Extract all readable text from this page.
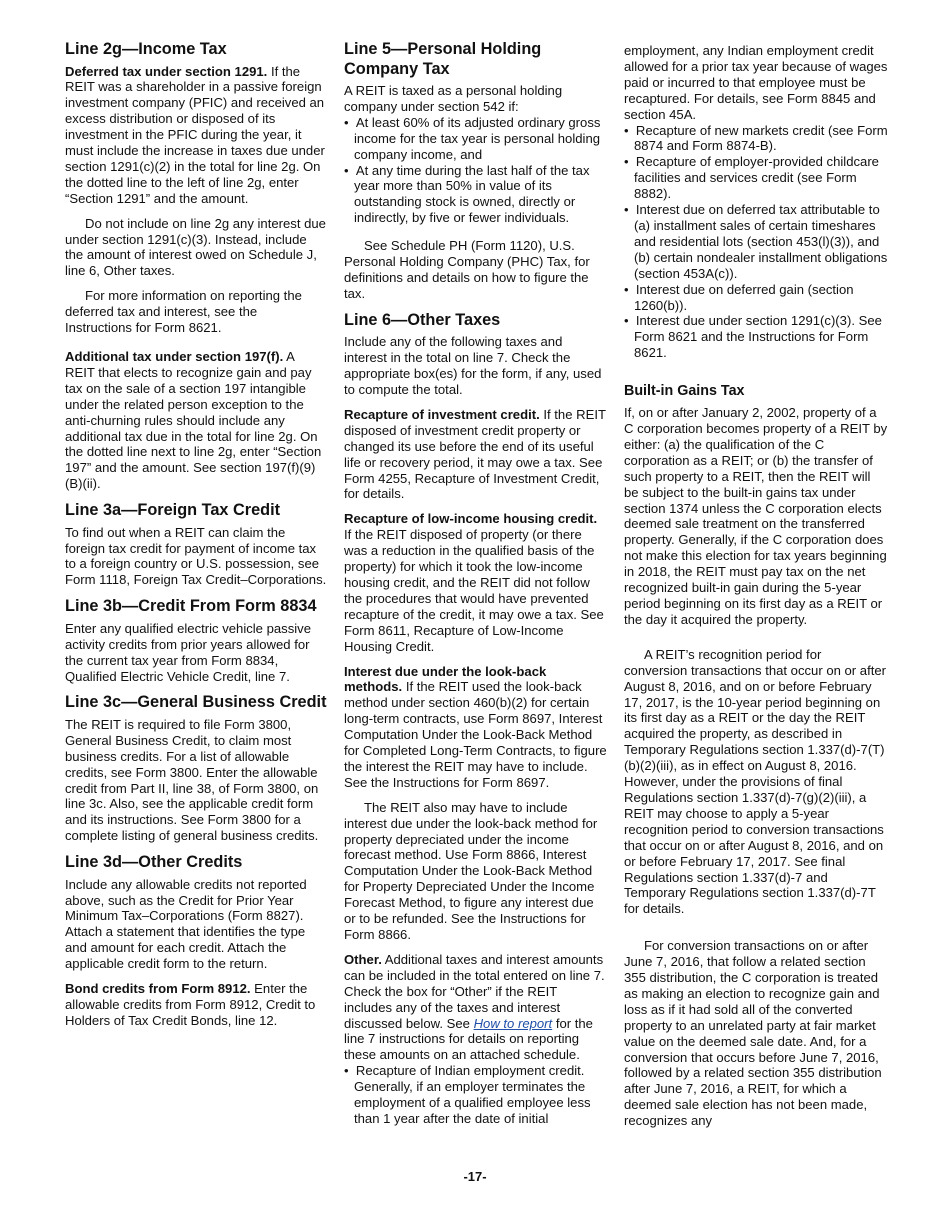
Line 2g—Income Tax

Deferred tax under section 1291. If the REIT was a shareholder in a passive foreign investment company (PFIC) and received an excess distribution or disposed of its investment in the PFIC during the year, it must include the increase in taxes due under section 1291(c)(2) in the total for line 2g. On the dotted line to the left of line 2g, enter “Section 1291” and the amount.

Do not include on line 2g any interest due under section 1291(c)(3). Instead, include the amount of interest owed on Schedule J, line 6, Other taxes.

For more information on reporting the deferred tax and interest, see the Instructions for Form 8621.

Additional tax under section 197(f). A REIT that elects to recognize gain and pay tax on the sale of a section 197 intangible under the related person exception to the anti-churning rules should include any additional tax due in the total for line 2g. On the dotted line next to line 2g, enter “Section 197” and the amount. See section 197(f)(9)(B)(ii).

Line 3a—Foreign Tax Credit

To find out when a REIT can claim the foreign tax credit for payment of income tax to a foreign country or U.S. possession, see Form 1118, Foreign Tax Credit–Corporations.

Line 3b—Credit From Form 8834

Enter any qualified electric vehicle passive activity credits from prior years allowed for the current tax year from Form 8834, Qualified Electric Vehicle Credit, line 7.

Line 3c—General Business Credit

The REIT is required to file Form 3800, General Business Credit, to claim most business credits. For a list of allowable credits, see Form 3800. Enter the allowable credit from Part II, line 38, of Form 3800, on line 3c. Also, see the applicable credit form and its instructions. See Form 3800 for a complete listing of general business credits.

Line 3d—Other Credits

Include any allowable credits not reported above, such as the Credit for Prior Year Minimum Tax–Corporations (Form 8827). Attach a statement that identifies the type and amount for each credit. Attach the applicable credit form to the return.

Bond credits from Form 8912. Enter the allowable credits from Form 8912, Credit to Holders of Tax Credit Bonds, line 12.

Line 5—Personal Holding Company Tax

A REIT is taxed as a personal holding company under section 542 if:

•  At least 60% of its adjusted ordinary gross income for the tax year is personal holding company income, and

•  At any time during the last half of the tax year more than 50% in value of its outstanding stock is owned, directly or indirectly, by five or fewer individuals.

See Schedule PH (Form 1120), U.S. Personal Holding Company (PHC) Tax, for definitions and details on how to figure the tax.

Line 6—Other Taxes

Include any of the following taxes and interest in the total on line 7. Check the appropriate box(es) for the form, if any, used to compute the total.

Recapture of investment credit. If the REIT disposed of investment credit property or changed its use before the end of its useful life or recovery period, it may owe a tax. See Form 4255, Recapture of Investment Credit, for details.

Recapture of low-income housing credit. If the REIT disposed of property (or there was a reduction in the qualified basis of the property) for which it took the low-income housing credit, and the REIT did not follow the procedures that would have prevented recapture of the credit, it may owe a tax. See Form 8611, Recapture of Low-Income Housing Credit.

Interest due under the look-back methods. If the REIT used the look-back method under section 460(b)(2) for certain long-term contracts, use Form 8697, Interest Computation Under the Look-Back Method for Completed Long-Term Contracts, to figure the interest the REIT may have to include. See the Instructions for Form 8697.

The REIT also may have to include interest due under the look-back method for property depreciated under the income forecast method. Use Form 8866, Interest Computation Under the Look-Back Method for Property Depreciated Under the Income Forecast Method, to figure any interest due or to be refunded. See the Instructions for Form 8866.

Other. Additional taxes and interest amounts can be included in the total entered on line 7. Check the box for “Other” if the REIT includes any of the taxes and interest discussed below. See How to report for the line 7 instructions for details on reporting these amounts on an attached schedule.

•  Recapture of Indian employment credit. Generally, if an employer terminates the employment of a qualified employee less than 1 year after the date of initial

employment, any Indian employment credit allowed for a prior tax year because of wages paid or incurred to that employee must be recaptured. For details, see Form 8845 and section 45A.

•  Recapture of new markets credit (see Form 8874 and Form 8874-B).

•  Recapture of employer-provided childcare facilities and services credit (see Form 8882).

•  Interest due on deferred tax attributable to (a) installment sales of certain timeshares and residential lots (section 453(l)(3)), and (b) certain nondealer installment obligations (section 453A(c)).

•  Interest due on deferred gain (section 1260(b)).

•  Interest due under section 1291(c)(3). See Form 8621 and the Instructions for Form 8621.

Built-in Gains Tax

If, on or after January 2, 2002, property of a C corporation becomes property of a REIT by either: (a) the qualification of the C corporation as a REIT; or (b) the transfer of such property to a REIT, then the REIT will be subject to the built-in gains tax under section 1374 unless the C corporation elects deemed sale treatment on the transferred property. Generally, if the C corporation does not make this election for tax years beginning in 2018, the REIT must pay tax on the net recognized built-in gain during the 5-year period beginning on its first day as a REIT or the day it acquired the property.

A REIT’s recognition period for conversion transactions that occur on or after August 8, 2016, and on or before February 17, 2017, is the 10-year period beginning on its first day as a REIT or the day the REIT acquired the property, as described in Temporary Regulations section 1.337(d)-7(T)(b)(2)(iii), as in effect on August 8, 2016. However, under the provisions of final Regulations section 1.337(d)-7(g)(2)(iii), a REIT may choose to apply a 5-year recognition period to conversion transactions that occur on or after August 8, 2016, and on or before February 17, 2017. See final Regulations section 1.337(d)-7 and Temporary Regulations section 1.337(d)-7T for details.

For conversion transactions on or after June 7, 2016, that follow a related section 355 distribution, the C corporation is treated as making an election to recognize gain and loss as if it had sold all of the converted property to an unrelated party at fair market value on the deemed sale date. And, for a conversion that occurs before June 7, 2016, followed by a related section 355 distribution after June 7, 2016, a REIT, for which a deemed sale election has not been made, recognizes any

-17-
